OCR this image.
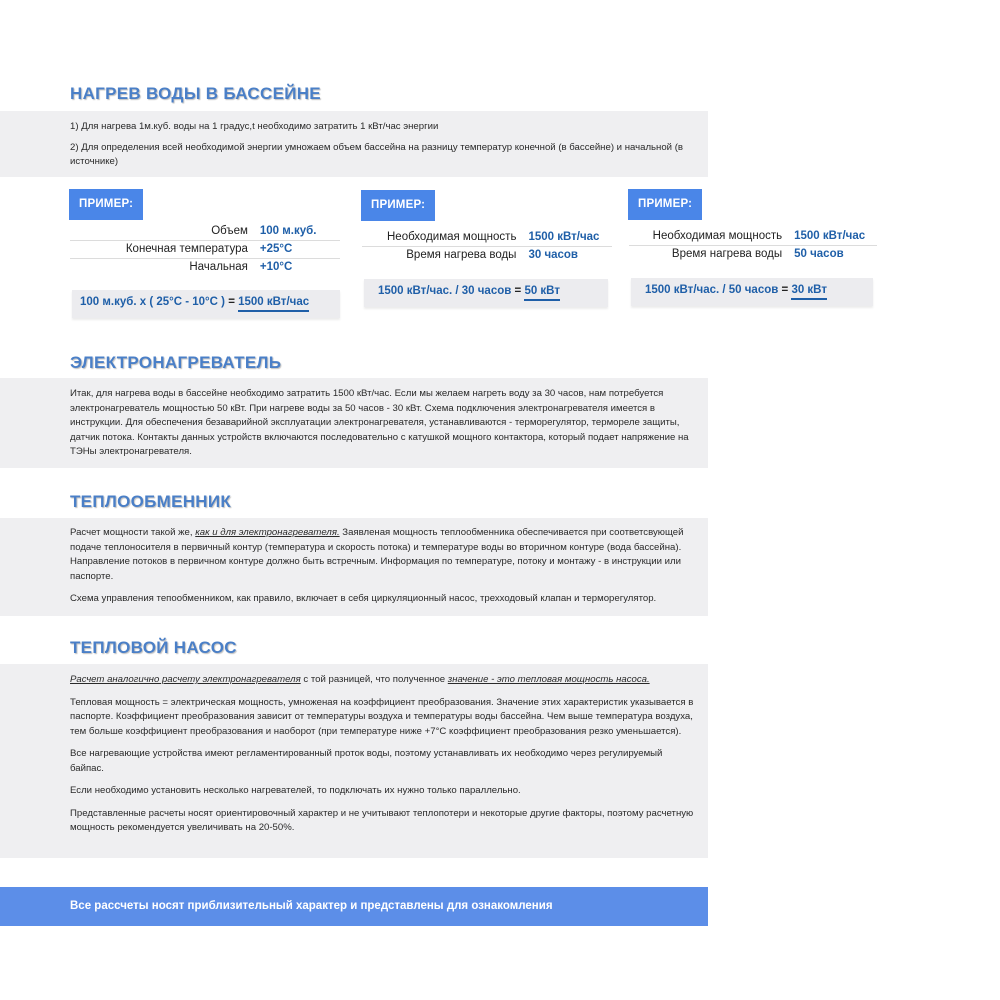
НАГРЕВ ВОДЫ В БАССЕЙНЕ

1) Для нагрева 1м.куб. воды на 1 градус,t необходимо затратить 1 кВт/час энергии

2) Для определения всей необходимой энергии умножаем объем бассейна на разницу температур конечной (в бассейне) и начальной (в источнике)

ПРИМЕР:
Объем	100 м.куб.
Конечная температура	+25°C
Начальная	+10°C
100 м.куб. х ( 25°C - 10°C ) = 1500 кВт/час
ПРИМЕР:
Необходимая мощность	1500 кВт/час
Время нагрева воды	30 часов
1500 кВт/час. / 30 часов = 50 кВт
ПРИМЕР:
Необходимая мощность	1500 кВт/час
Время нагрева воды	50 часов
1500 кВт/час. / 50 часов = 30 кВт
ЭЛЕКТРОНАГРЕВАТЕЛЬ

Итак, для нагрева воды в бассейне необходимо затратить 1500 кВт/час. Если мы желаем нагреть воду за 30 часов, нам потребуется электронагреватель мощностью 50 кВт. При нагреве воды за 50 часов - 30 кВт. Схема подключения электронагревателя имеется в инструкции. Для обеспечения безаварийной эксплуатации электронагревателя, устанавливаются - терморегулятор, термореле защиты, датчик потока. Контакты данных устройств включаются последовательно с катушкой мощного контактора, который подает напряжение на ТЭНы электронагревателя.

ТЕПЛООБМЕННИК

Расчет мощности такой же, как и для электронагревателя. Заявленая мощность теплообменника обеспечивается при соответсвующей подаче теплоносителя в первичный контур (температура и скорость потока) и температуре воды во вторичном контуре (вода бассейна). Направление потоков в первичном контуре должно быть встречным. Информация по температуре, потоку и монтажу - в инструкции или паспорте.

Схема управления тепообменником, как правило, включает в себя циркуляционный насос, трехходовый клапан и терморегулятор.

ТЕПЛОВОЙ НАСОС

Расчет аналогично расчету электронагревателя с той разницей, что полученное значение - это тепловая мощность насоса.

Тепловая мощность = электрическая мощность, умноженая на коэффициент преобразования. Значение этих характеристик указывается в паспорте. Коэффициент преобразования зависит от температуры воздуха и температуры воды бассейна. Чем выше температура воздуха, тем больше коэффициент преобразования и наоборот (при температуре ниже +7°С коэффициент преобразования резко уменьшается).

Все нагревающие устройства имеют регламентированный проток воды, поэтому устанавливать их необходимо через регулируемый байпас.

Если необходимо установить несколько нагревателей, то подключать их нужно только параллельно.

Представленные расчеты носят ориентировочный характер и не учитывают теплопотери и некоторые другие факторы, поэтому расчетную мощность рекомендуется увеличивать на 20-50%.

Все рассчеты носят приблизительный характер и представлены для ознакомления
